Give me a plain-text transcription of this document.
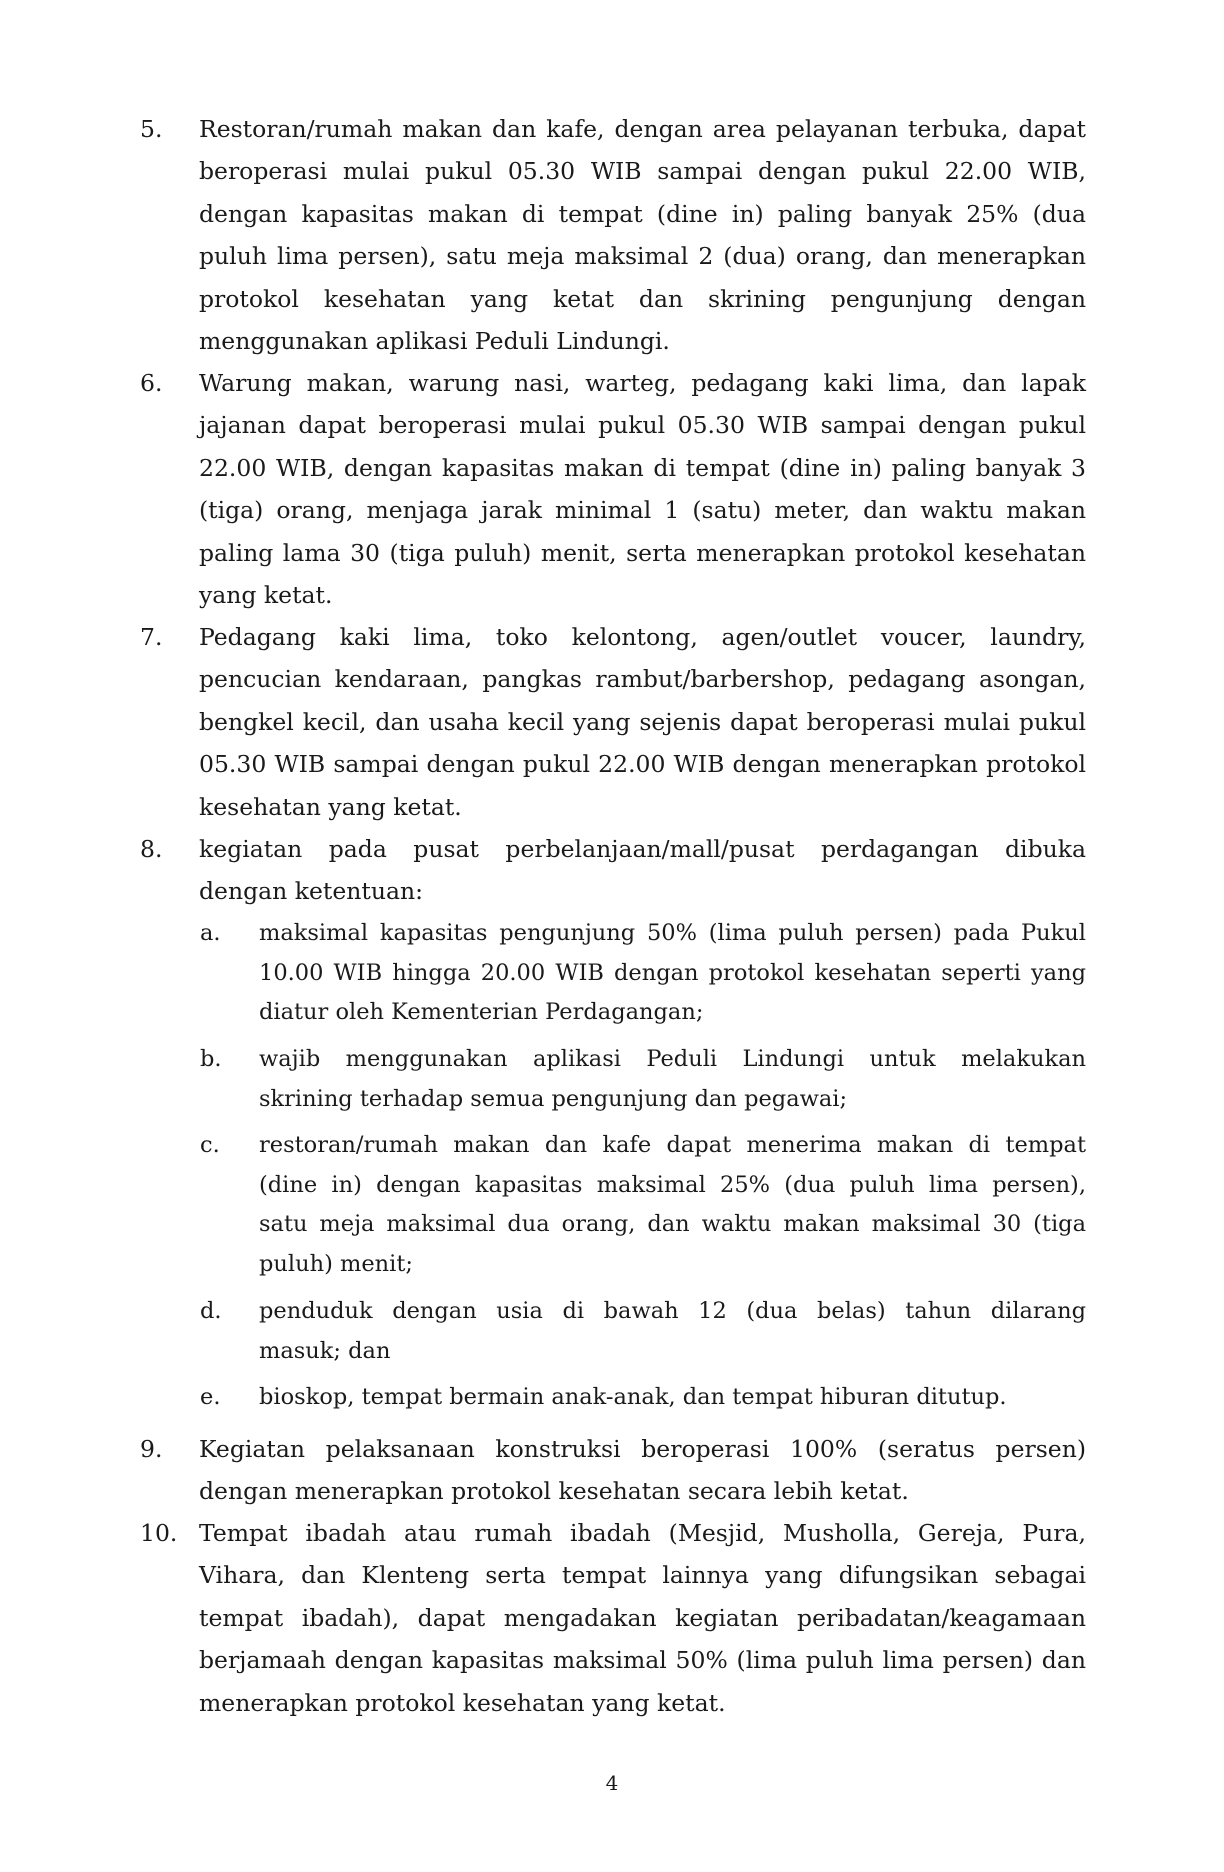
5.	Restoran/rumah makan dan kafe, dengan area pelayanan terbuka, dapat
beroperasi mulai pukul 05.30 WIB sampai dengan pukul 22.00 WIB,
dengan kapasitas makan di tempat (dine in) paling banyak 25% (dua
puluh lima persen), satu meja maksimal 2 (dua) orang, dan menerapkan
protokol kesehatan yang ketat dan skrining pengunjung dengan
menggunakan aplikasi Peduli Lindungi.
6.	Warung makan, warung nasi, warteg, pedagang kaki lima, dan lapak
jajanan dapat beroperasi mulai pukul 05.30 WIB sampai dengan pukul
22.00 WIB, dengan kapasitas makan di tempat (dine in) paling banyak 3
(tiga) orang, menjaga jarak minimal 1 (satu) meter, dan waktu makan
paling lama 30 (tiga puluh) menit, serta menerapkan protokol kesehatan
yang ketat.
7.	Pedagang kaki lima, toko kelontong, agen/outlet voucer, laundry,
pencucian kendaraan, pangkas rambut/barbershop, pedagang asongan,
bengkel kecil, dan usaha kecil yang sejenis dapat beroperasi mulai pukul
05.30 WIB sampai dengan pukul 22.00 WIB dengan menerapkan protokol
kesehatan yang ketat.
8.	kegiatan pada pusat perbelanjaan/mall/pusat perdagangan dibuka
dengan ketentuan:
a.	maksimal kapasitas pengunjung 50% (lima puluh persen) pada Pukul
10.00 WIB hingga 20.00 WIB dengan protokol kesehatan seperti yang
diatur oleh Kementerian Perdagangan;
b.	wajib menggunakan aplikasi Peduli Lindungi untuk melakukan
skrining terhadap semua pengunjung dan pegawai;
c.	restoran/rumah makan dan kafe dapat menerima makan di tempat
(dine in) dengan kapasitas maksimal 25% (dua puluh lima persen),
satu meja maksimal dua orang, dan waktu makan maksimal 30 (tiga
puluh) menit;
d.	penduduk dengan usia di bawah 12 (dua belas) tahun dilarang
masuk; dan
e.	bioskop, tempat bermain anak-anak, dan tempat hiburan ditutup.
9.	Kegiatan pelaksanaan konstruksi beroperasi 100% (seratus persen)
dengan menerapkan protokol kesehatan secara lebih ketat.
10. Tempat ibadah atau rumah ibadah (Mesjid, Musholla, Gereja, Pura,
Vihara, dan Klenteng serta tempat lainnya yang difungsikan sebagai
tempat ibadah), dapat mengadakan kegiatan peribadatan/keagamaan
berjamaah dengan kapasitas maksimal 50% (lima puluh lima persen) dan
menerapkan protokol kesehatan yang ketat.
4
